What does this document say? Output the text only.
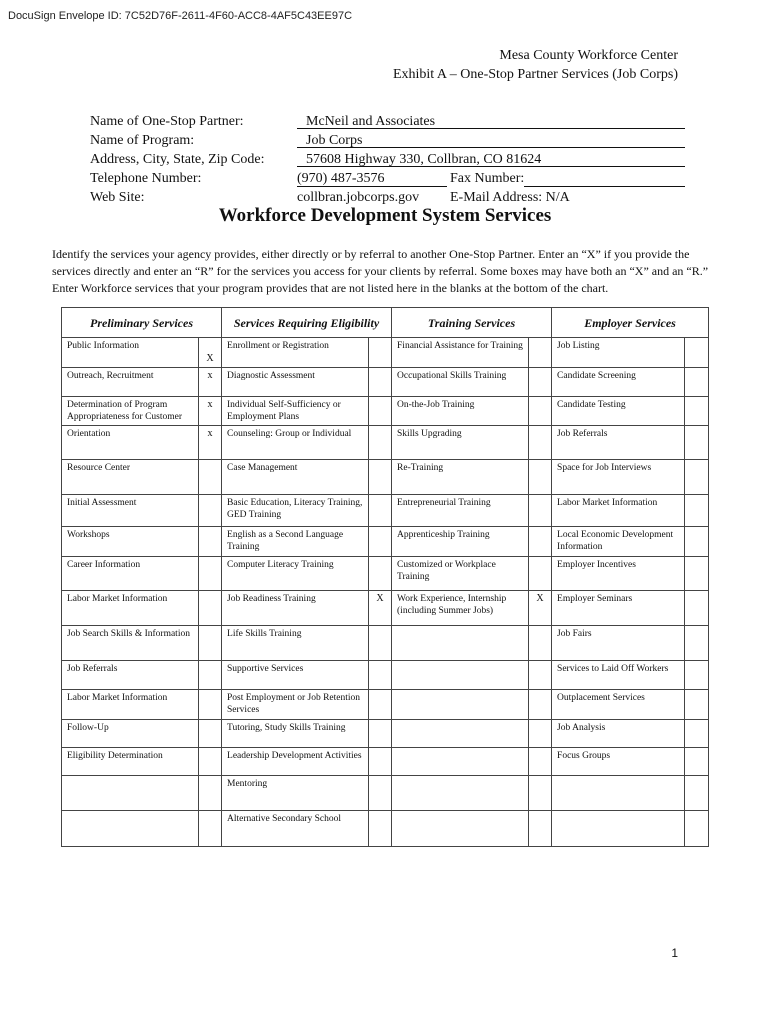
DocuSign Envelope ID: 7C52D76F-2611-4F60-ACC8-4AF5C43EE97C
Mesa County Workforce Center
Exhibit A – One-Stop Partner Services (Job Corps)
Name of One-Stop Partner:	McNeil and Associates
Name of Program:	Job Corps
Address, City, State, Zip Code:	57608 Highway 330, Collbran, CO 81624
Telephone Number:	(970) 487-3576	Fax Number:
Web Site:	collbran.jobcorps.gov E-Mail Address: N/A
Workforce Development System Services
Identify the services your agency provides, either directly or by referral to another One-Stop Partner. Enter an “X” if you provide the services directly and enter an “R” for the services you access for your clients by referral. Some boxes may have both an “X” and an “R.” Enter Workforce services that your program provides that are not listed here in the blanks at the bottom of the chart.
Preliminary Services		Services Requiring Eligibility		Training Services		Employer Services	
Public Information	X	Enrollment or Registration		Financial Assistance for Training		Job Listing	
Outreach, Recruitment	x	Diagnostic Assessment		Occupational Skills Training		Candidate Screening	
Determination of Program Appropriateness for Customer	x	Individual Self-Sufficiency or Employment Plans		On-the-Job Training		Candidate Testing	
Orientation	x	Counseling: Group or Individual		Skills Upgrading		Job Referrals	
Resource Center		Case Management		Re-Training		Space for Job Interviews	
Initial Assessment		Basic Education, Literacy Training, GED Training		Entrepreneurial Training		Labor Market Information	
Workshops		English as a Second Language Training		Apprenticeship Training		Local Economic Development Information	
Career Information		Computer Literacy Training		Customized or Workplace Training		Employer Incentives	
Labor Market Information		Job Readiness Training	X	Work Experience, Internship (including Summer Jobs)	X	Employer Seminars	
Job Search Skills & Information		Life Skills Training				Job Fairs	
Job Referrals		Supportive Services				Services to Laid Off Workers	
Labor Market Information		Post Employment or Job Retention Services				Outplacement Services	
Follow-Up		Tutoring, Study Skills Training				Job Analysis	
Eligibility Determination		Leadership Development Activities				Focus Groups	
		Mentoring					
		Alternative Secondary School					
1
